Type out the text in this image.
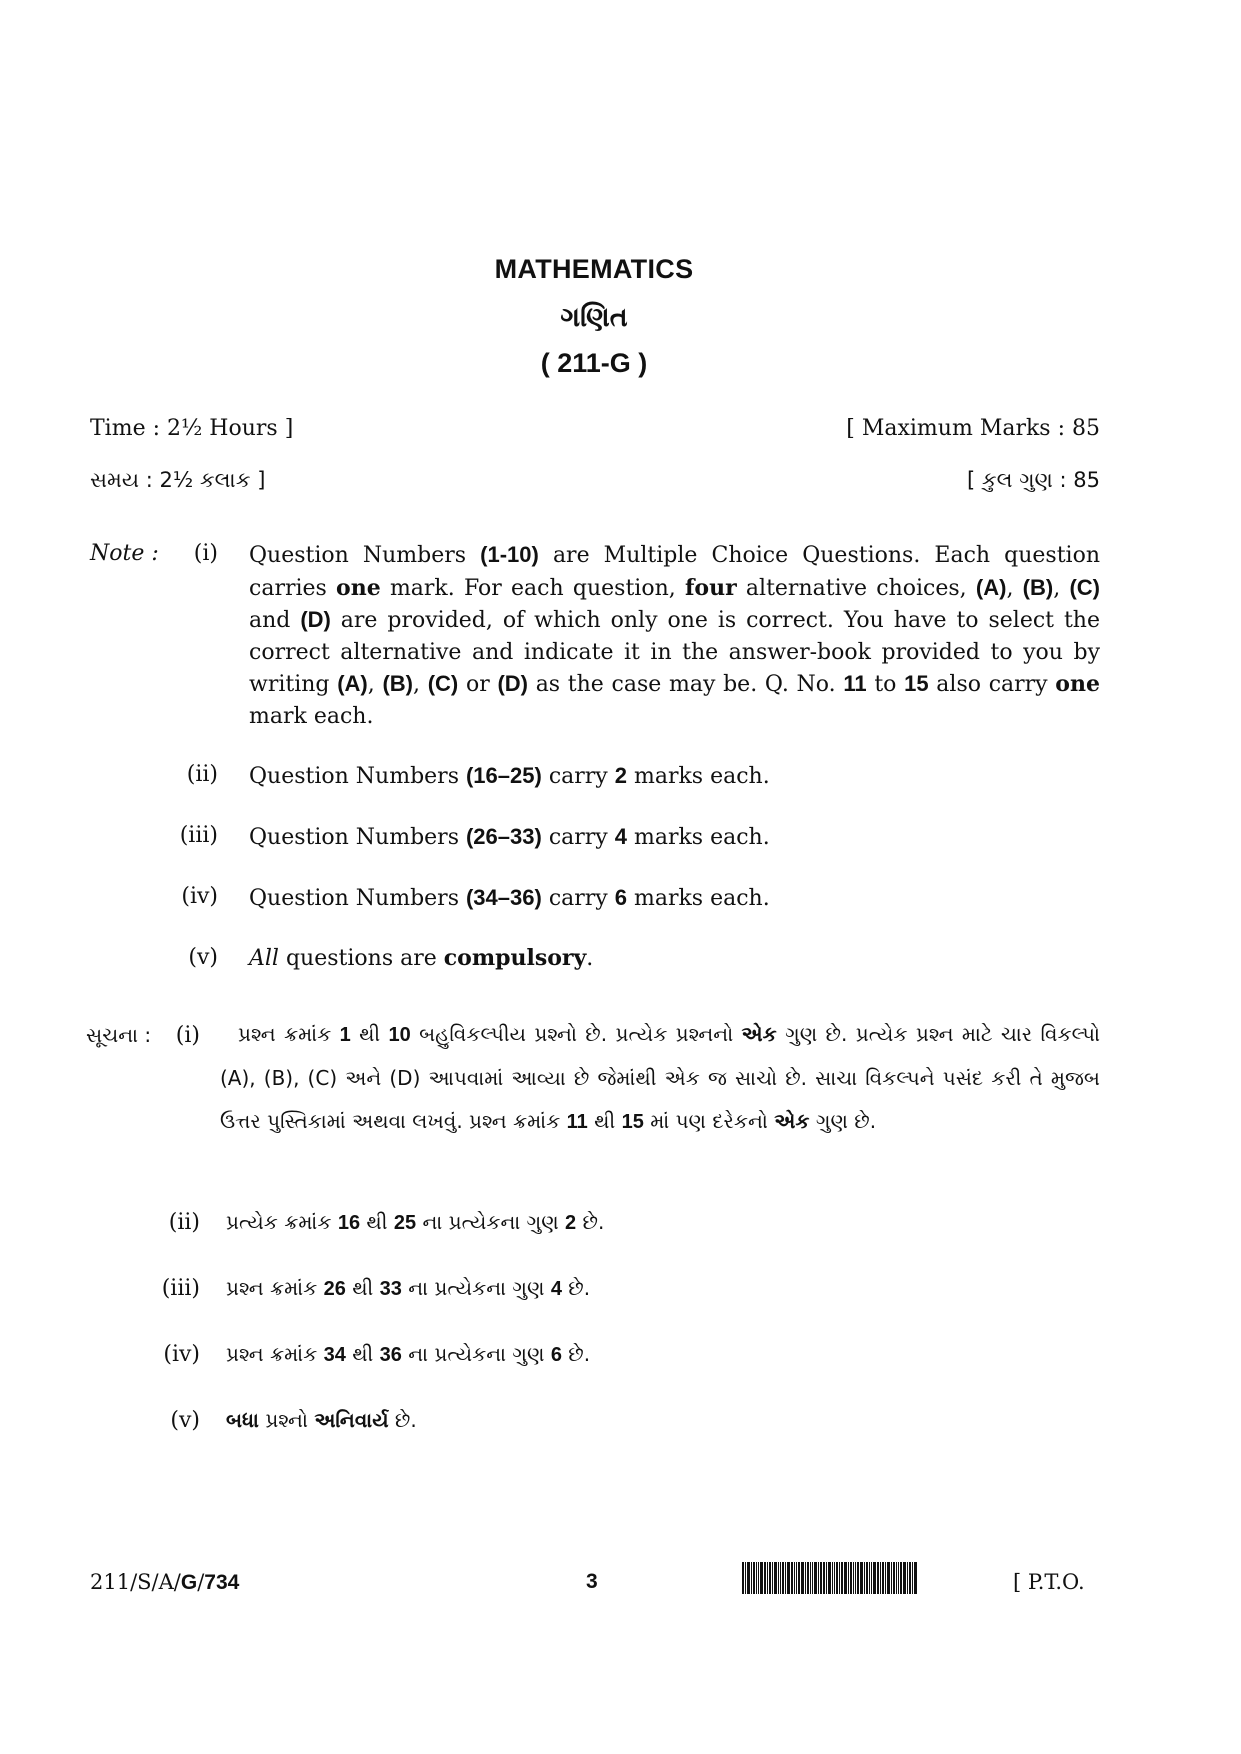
MATHEMATICS
ગણિત
( 211-G )
Time : 2½ Hours ]	[ Maximum Marks : 85
સમય : 2½ કલાક ]	[ કુલ ગુણ : 85
Note :	(i) Question Numbers (1-10) are Multiple Choice Questions. Each question carries one mark. For each question, four alternative choices, (A), (B), (C) and (D) are provided, of which only one is correct. You have to select the correct alternative and indicate it in the answer-book provided to you by writing (A), (B), (C) or (D) as the case may be. Q. No. 11 to 15 also carry one mark each.
(ii) Question Numbers (16–25) carry 2 marks each.
(iii) Question Numbers (26–33) carry 4 marks each.
(iv) Question Numbers (34–36) carry 6 marks each.
(v) All questions are compulsory.
સૂચના :	(i)	પ્રશ્ન ક્રમાંક 1 થી 10 બહુવિકલ્પીય પ્રશ્નો છે. પ્રત્યેક પ્રશ્નનો એક ગુણ છે. પ્રત્યેક પ્રશ્ન માટે ચાર વિકલ્પો (A), (B), (C) અને (D) આપવામાં આવ્યા છે જેમાંથી એક જ સાચો છે. સાચા વિકલ્પને પસંદ કરી તે મુજબ ઉત્તર પુસ્તિકામાં અથવા લખવું. પ્રશ્ન ક્રમાંક 11 થી 15 માં પણ દરેકનો એક ગુણ છે.
(ii) પ્રત્યેક ક્રમાંક 16 થી 25 ના પ્રત્યેકના ગુણ 2 છે.
(iii) પ્રશ્ન ક્રમાંક 26 થી 33 ના પ્રત્યેકના ગુણ 4 છે.
(iv) પ્રશ્ન ક્રમાંક 34 થી 36 ના પ્રત્યેકના ગુણ 6 છે.
(v) બધા પ્રશ્નો અનિવાર્ય છે.
211/S/A/G/734	3	[ P.T.O.
